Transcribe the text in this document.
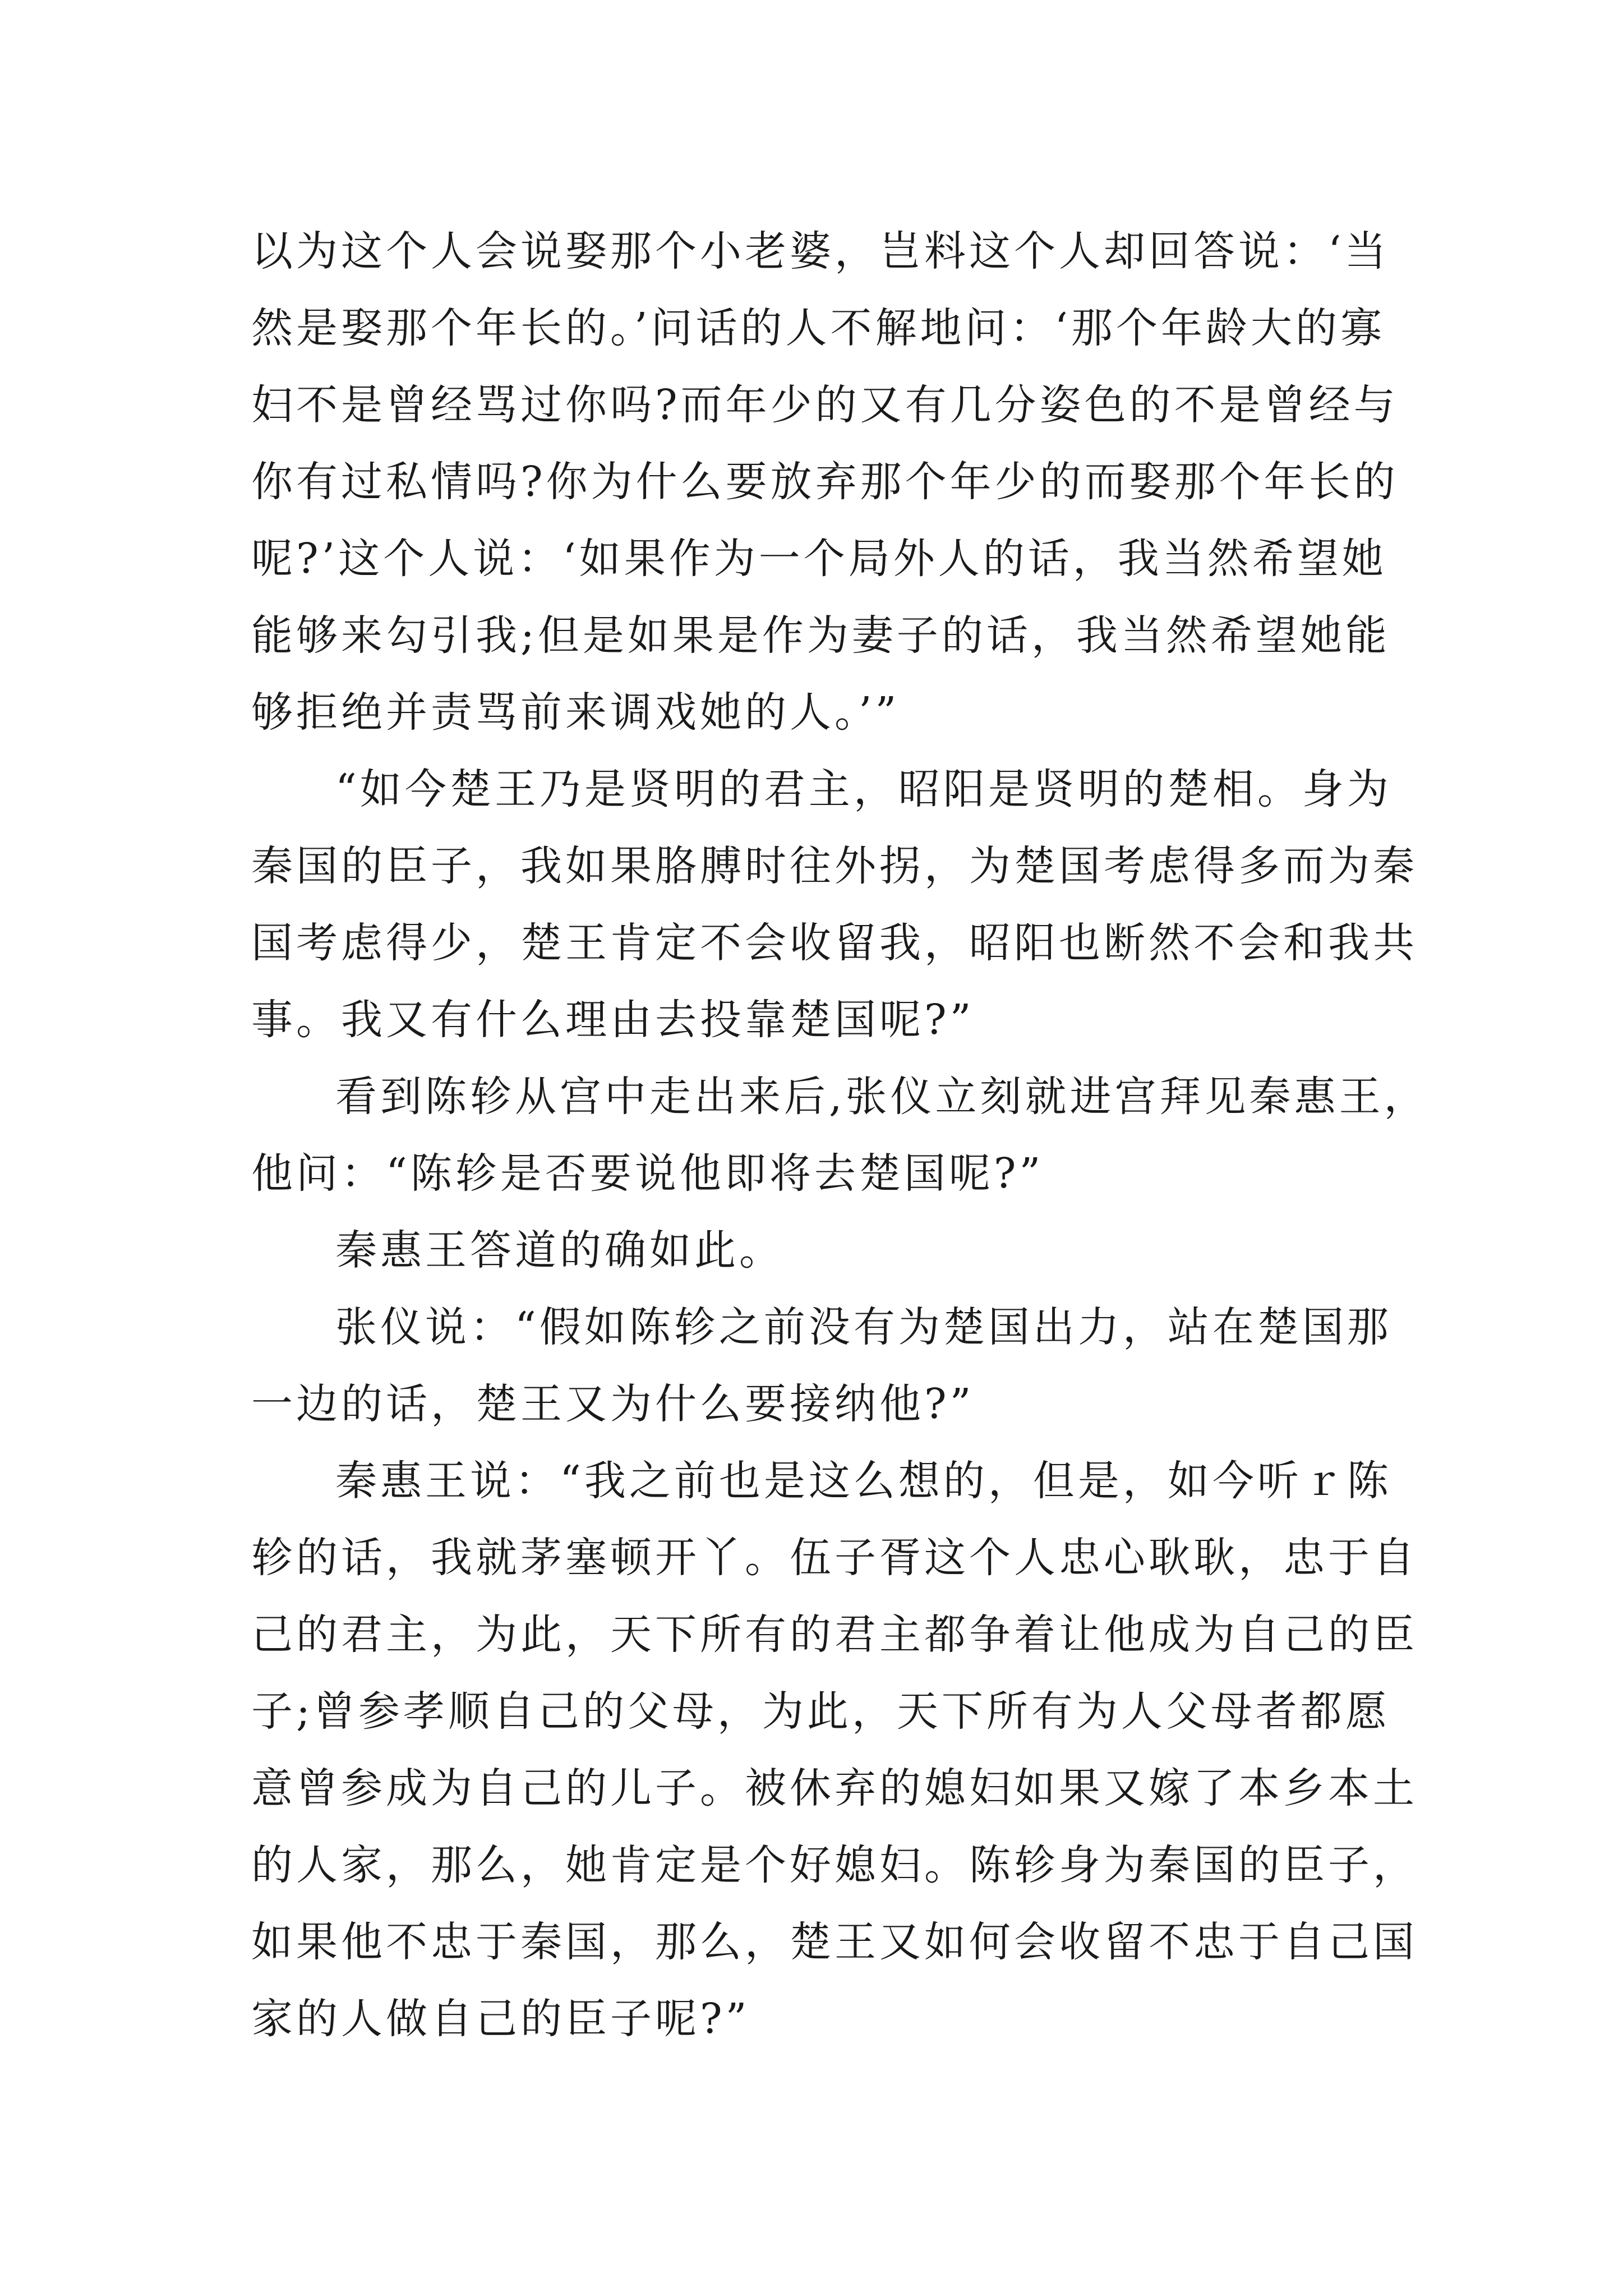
以为这个人会说娶那个小老婆，岂料这个人却回答说：‘当
然是娶那个年长的。’问话的人不解地问：‘那个年龄大的寡
妇不是曾经骂过你吗?而年少的又有几分姿色的不是曾经与
你有过私情吗?你为什么要放弃那个年少的而娶那个年长的
呢?’这个人说：‘如果作为一个局外人的话，我当然希望她
能够来勾引我;但是如果是作为妻子的话，我当然希望她能
够拒绝并责骂前来调戏她的人。’”
“如今楚王乃是贤明的君主，昭阳是贤明的楚相。身为
秦国的臣子，我如果胳膊时往外拐，为楚国考虑得多而为秦
国考虑得少，楚王肯定不会收留我，昭阳也断然不会和我共
事。我又有什么理由去投靠楚国呢?”
看到陈轸从宫中走出来后,张仪立刻就进宫拜见秦惠王，
他问：“陈轸是否要说他即将去楚国呢?”
秦惠王答道的确如此。
张仪说：“假如陈轸之前没有为楚国出力，站在楚国那
一边的话，楚王又为什么要接纳他?”
秦惠王说：“我之前也是这么想的，但是，如今听ｒ陈
轸的话，我就茅塞顿开丫。伍子胥这个人忠心耿耿，忠于自
己的君主，为此，天下所有的君主都争着让他成为自己的臣
子;曾参孝顺自己的父母，为此，天下所有为人父母者都愿
意曾参成为自己的儿子。被休弃的媳妇如果又嫁了本乡本土
的人家，那么，她肯定是个好媳妇。陈轸身为秦国的臣子，
如果他不忠于秦国，那么，楚王又如何会收留不忠于自己国
家的人做自己的臣子呢?”
